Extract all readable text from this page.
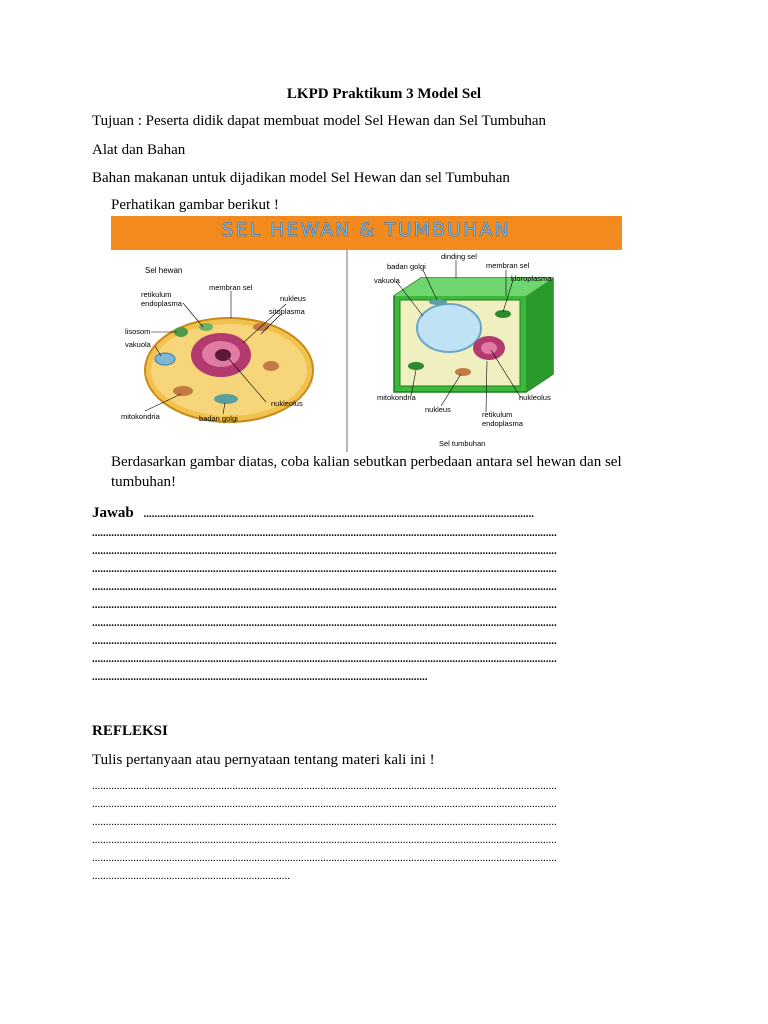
LKPD Praktikum 3 Model Sel
Tujuan : Peserta didik dapat membuat model Sel Hewan dan Sel Tumbuhan
Alat dan Bahan
Bahan makanan untuk dijadikan model Sel Hewan dan sel Tumbuhan
Perhatikan gambar berikut !
SEL HEWAN & TUMBUHAN
Sel hewan
membran sel
retikulum
endoplasma
nukleus
sitoplasma
lisosom
vakuola
nukleolus
mitokondria	badan golgi
dinding sel
badan golgi	membran sel
vakuola	kloroplasma
mitokondria	nukleolus
nukleus
retikulum
endoplasma
Sel tumbuhan
Berdasarkan gambar diatas, coba kalian sebutkan perbedaan antara sel hewan dan sel
tumbuhan!
Jawab ..............................................................................................................................................
.........................................................................................................................................................................
.........................................................................................................................................................................
.........................................................................................................................................................................
.........................................................................................................................................................................
.........................................................................................................................................................................
.........................................................................................................................................................................
.........................................................................................................................................................................
.........................................................................................................................................................................
..........................................................................................................................
REFLEKSI
Tulis pertanyaan atau pernyataan tentang materi kali ini !
.........................................................................................................................................................................
.........................................................................................................................................................................
.........................................................................................................................................................................
.........................................................................................................................................................................
.........................................................................................................................................................................
........................................................................
